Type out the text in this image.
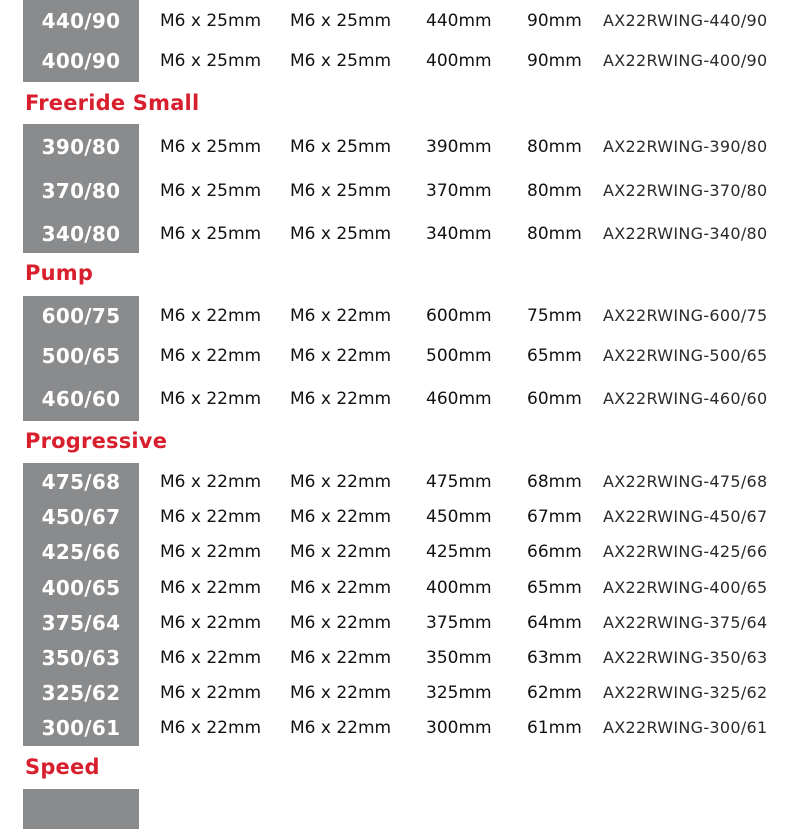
440/90	M6 x 25mm M6 x 25mm 440mm 90mm AX22RWING-440/90
400/90	M6 x 25mm M6 x 25mm 400mm 90mm AX22RWING-400/90
Freeride Small
390/80	M6 x 25mm M6 x 25mm 390mm 80mm AX22RWING-390/80
370/80	M6 x 25mm M6 x 25mm 370mm 80mm AX22RWING-370/80
340/80	M6 x 25mm M6 x 25mm 340mm 80mm AX22RWING-340/80
Pump
600/75	M6 x 22mm M6 x 22mm 600mm 75mm AX22RWING-600/75
500/65	M6 x 22mm M6 x 22mm 500mm 65mm AX22RWING-500/65
460/60	M6 x 22mm M6 x 22mm 460mm 60mm AX22RWING-460/60
Progressive
475/68	M6 x 22mm M6 x 22mm 475mm 68mm AX22RWING-475/68
450/67	M6 x 22mm M6 x 22mm 450mm 67mm AX22RWING-450/67
425/66	M6 x 22mm M6 x 22mm 425mm 66mm AX22RWING-425/66
400/65	M6 x 22mm M6 x 22mm 400mm 65mm AX22RWING-400/65
375/64	M6 x 22mm M6 x 22mm 375mm 64mm AX22RWING-375/64
350/63	M6 x 22mm M6 x 22mm 350mm 63mm AX22RWING-350/63
325/62	M6 x 22mm M6 x 22mm 325mm 62mm AX22RWING-325/62
300/61	M6 x 22mm M6 x 22mm 300mm 61mm AX22RWING-300/61
Speed
